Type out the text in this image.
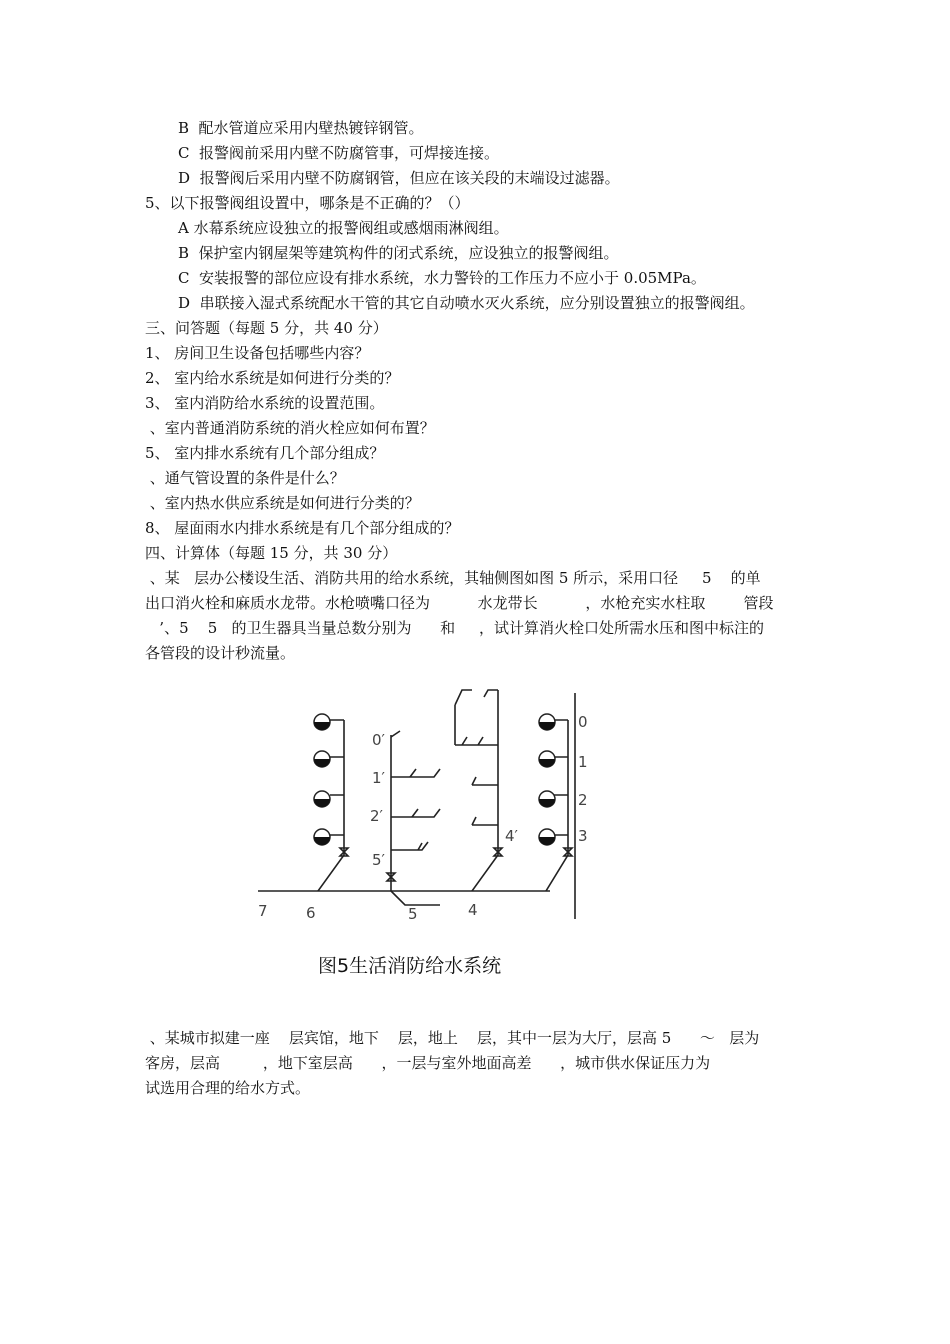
B  配水管道应采用内壁热镀锌钢管。
C  报警阀前采用内壁不防腐管事，可焊接连接。
D  报警阀后采用内壁不防腐钢管，但应在该关段的末端设过滤器。
5、以下报警阀组设置中，哪条是不正确的？（）
A 水幕系统应设独立的报警阀组或感烟雨淋阀组。
B  保护室内钢屋架等建筑构件的闭式系统，应设独立的报警阀组。
C  安装报警的部位应设有排水系统，水力警铃的工作压力不应小于 0.05MPa。
D  串联接入湿式系统配水干管的其它自动喷水灭火系统，应分别设置独立的报警阀组。
三、问答题（每题 5 分，共 40 分）
1、 房间卫生设备包括哪些内容？
2、 室内给水系统是如何进行分类的？
3、 室内消防给水系统的设置范围。
、室内普通消防系统的消火栓应如何布置？
5、 室内排水系统有几个部分组成？
、通气管设置的条件是什么？
、室内热水供应系统是如何进行分类的？
8、 屋面雨水内排水系统是有几个部分组成的？
四、计算体（每题 15 分，共 30 分）
、某   层办公楼设生活、消防共用的给水系统，其轴侧图如图 5 所示，采用口径     5    的单
出口消火栓和麻质水龙带。水枪喷嘴口径为          水龙带长          ，水枪充实水柱取        管段
’、5    5   的卫生器具当量总数分别为      和     ，试计算消火栓口处所需水压和图中标注的
各管段的设计秒流量。
0
1
2
3
0′
1′
2′
5′
4′
7	6	5	4
图5生活消防给水系统
、某城市拟建一座    层宾馆，地下    层，地上    层，其中一层为大厅，层高 5      ～   层为
客房，层高         ，地下室层高      ，一层与室外地面高差      ，城市供水保证压力为
试选用合理的给水方式。
